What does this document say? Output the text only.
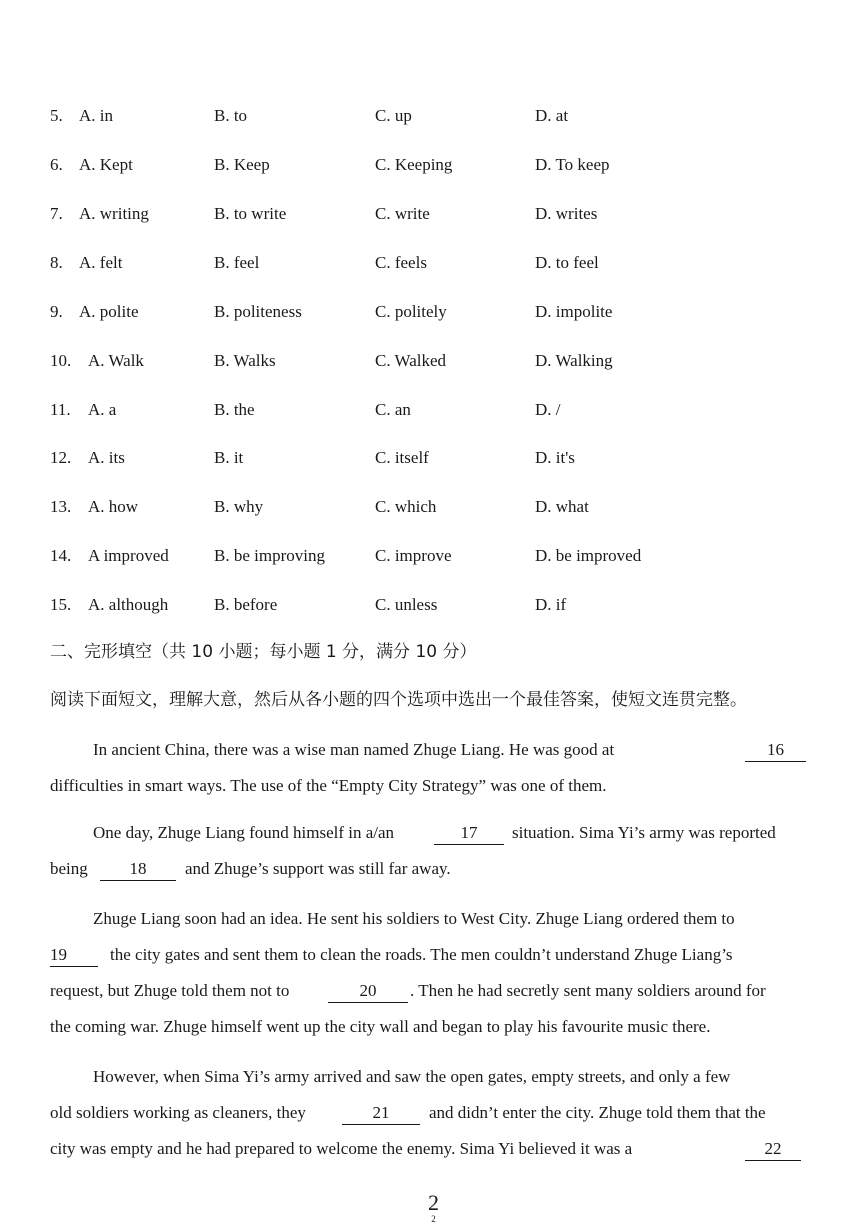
5. A. in	B. to	C. up	D. at
6. A. Kept	B. Keep	C. Keeping	D. To keep
7. A. writing	B. to write	C. write	D. writes
8. A. felt	B. feel	C. feels	D. to feel
9. A. polite	B. politeness	C. politely	D. impolite
10. A. Walk	B. Walks	C. Walked	D. Walking
11. A. a	B. the	C. an	D. /
12. A. its	B. it	C. itself	D. it's
13. A. how	B. why	C. which	D. what
14. A improved	B. be improving	C. improve	D. be improved
15. A. although	B. before	C. unless	D. if
二、完形填空（共 10 小题；每小题 1 分，满分 10 分）
阅读下面短文，理解大意，然后从各小题的四个选项中选出一个最佳答案，使短文连贯完整。
In ancient China, there was a wise man named Zhuge Liang. He was good at	16
difficulties in smart ways. The use of the “Empty City Strategy” was one of them.
One day, Zhuge Liang found himself in a/an	17	situation. Sima Yi’s army was reported
being	18	and Zhuge’s support was still far away.
Zhuge Liang soon had an idea. He sent his soldiers to West City. Zhuge Liang ordered them to
19	the city gates and sent them to clean the roads. The men couldn’t understand Zhuge Liang’s
request, but Zhuge told them not to	20	. Then he had secretly sent many soldiers around for
the coming war. Zhuge himself went up the city wall and began to play his favourite music there.
However, when Sima Yi’s army arrived and saw the open gates, empty streets, and only a few
old soldiers working as cleaners, they	21	and didn’t enter the city. Zhuge told them that the
city was empty and he had prepared to welcome the enemy. Sima Yi believed it was a	22
2
2
